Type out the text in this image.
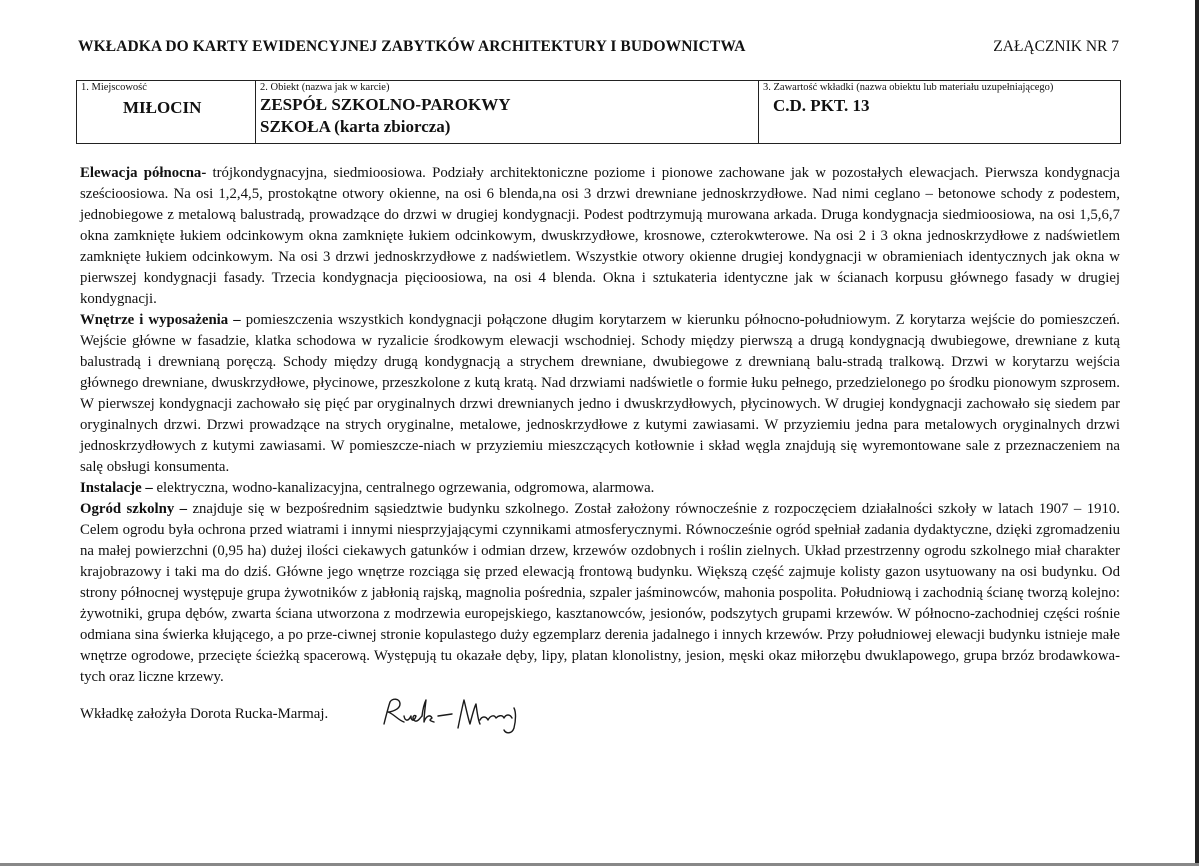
WKŁADKA DO KARTY EWIDENCYJNEJ ZABYTKÓW ARCHITEKTURY I BUDOWNICTWA	ZAŁĄCZNIK NR 7
1. Miejscowość
MIŁOCIN

2. Obiekt (nazwa jak w karcie)
ZESPÓŁ SZKOLNO-PAROKWY
SZKOŁA (karta zbiorcza)

3. Zawartość wkładki (nazwa obiektu lub materiału uzupełniającego)
C.D. PKT. 13

Elewacja północna- trójkondygnacyjna, siedmioosiowa. Podziały architektoniczne poziome i pionowe zachowane jak w pozostałych elewacjach. Pierwsza kondygnacja sześcioosiowa. Na osi 1,2,4,5, prostokątne otwory okienne, na osi 6 blenda,na osi 3 drzwi drewniane jednoskrzydłowe. Nad nimi ceglano – betonowe schody z podestem, jednobiegowe z metalową balustradą, prowadzące do drzwi w drugiej kondygnacji. Podest podtrzymują murowana arkada. Druga kondygnacja siedmioosiowa, na osi 1,5,6,7 okna zamknięte łukiem odcinkowym okna zamknięte łukiem odcinkowym, dwuskrzydłowe, krosnowe, czterokwterowe. Na osi 2 i 3 okna jednoskrzydłowe z nadświetlem zamknięte łukiem odcinkowym. Na osi 3 drzwi jednoskrzydłowe z nadświetlem. Wszystkie otwory okienne drugiej kondygnacji w obramieniach identycznych jak okna w pierwszej kondygnacji fasady. Trzecia kondygnacja pięcioosiowa, na osi 4 blenda. Okna i sztukateria identyczne jak w ścianach korpusu głównego fasady w drugiej kondygnacji.

Wnętrze i wyposażenia – pomieszczenia wszystkich kondygnacji połączone długim korytarzem w kierunku północno-południowym. Z korytarza wejście do pomieszczeń. Wejście główne w fasadzie, klatka schodowa w ryzalicie środkowym elewacji wschodniej. Schody między pierwszą a drugą kondygnacją dwubiegowe, drewniane z kutą balustradą i drewnianą poręczą. Schody między drugą kondygnacją a strychem drewniane, dwubiegowe z drewnianą balu-stradą tralkową. Drzwi w korytarzu wejścia głównego drewniane, dwuskrzydłowe, płycinowe, przeszkolone z kutą kratą. Nad drzwiami nadświetle o formie łuku pełnego, przedzielonego po środku pionowym szprosem. W pierwszej kondygnacji zachowało się pięć par oryginalnych drzwi drewnianych jedno i dwuskrzydłowych, płycinowych. W drugiej kondygnacji zachowało się siedem par oryginalnych drzwi. Drzwi prowadzące na strych oryginalne, metalowe, jednoskrzydłowe z kutymi zawiasami. W przyziemiu jedna para metalowych oryginalnych drzwi jednoskrzydłowych z kutymi zawiasami. W pomieszcze-niach w przyziemiu mieszczących kotłownie i skład węgla znajdują się wyremontowane sale z przeznaczeniem na salę obsługi konsumenta.

Instalacje – elektryczna, wodno-kanalizacyjna, centralnego ogrzewania, odgromowa, alarmowa.

Ogród szkolny – znajduje się w bezpośrednim sąsiedztwie budynku szkolnego. Został założony równocześnie z rozpoczęciem działalności szkoły w latach 1907 – 1910. Celem ogrodu była ochrona przed wiatrami i innymi niesprzyjającymi czynnikami atmosferycznymi. Równocześnie ogród spełniał zadania dydaktyczne, dzięki zgromadzeniu na małej powierzchni (0,95 ha) dużej ilości ciekawych gatunków i odmian drzew, krzewów ozdobnych i roślin zielnych. Układ przestrzenny ogrodu szkolnego miał charakter krajobrazowy i taki ma do dziś. Główne jego wnętrze rozciąga się przed elewacją frontową budynku. Większą część zajmuje kolisty gazon usytuowany na osi budynku. Od strony północnej występuje grupa żywotników z jabłonią rajską, magnolia pośrednia, szpaler jaśminowców, mahonia pospolita. Południową i zachodnią ścianę tworzą kolejno: żywotniki, grupa dębów, zwarta ściana utworzona z modrzewia europejskiego, kasztanowców, jesionów, podszytych grupami krzewów. W północno-zachodniej części rośnie odmiana sina świerka kłującego, a po prze-ciwnej stronie kopulastego duży egzemplarz derenia jadalnego i innych krzewów. Przy południowej elewacji budynku istnieje małe wnętrze ogrodowe, przecięte ścieżką spacerową. Występują tu okazałe dęby, lipy, platan klonolistny, jesion, męski okaz miłorzębu dwuklapowego, grupa brzóz brodawkowa-tych oraz liczne krzewy.

Wkładkę założyła Dorota Rucka-Marmaj.
